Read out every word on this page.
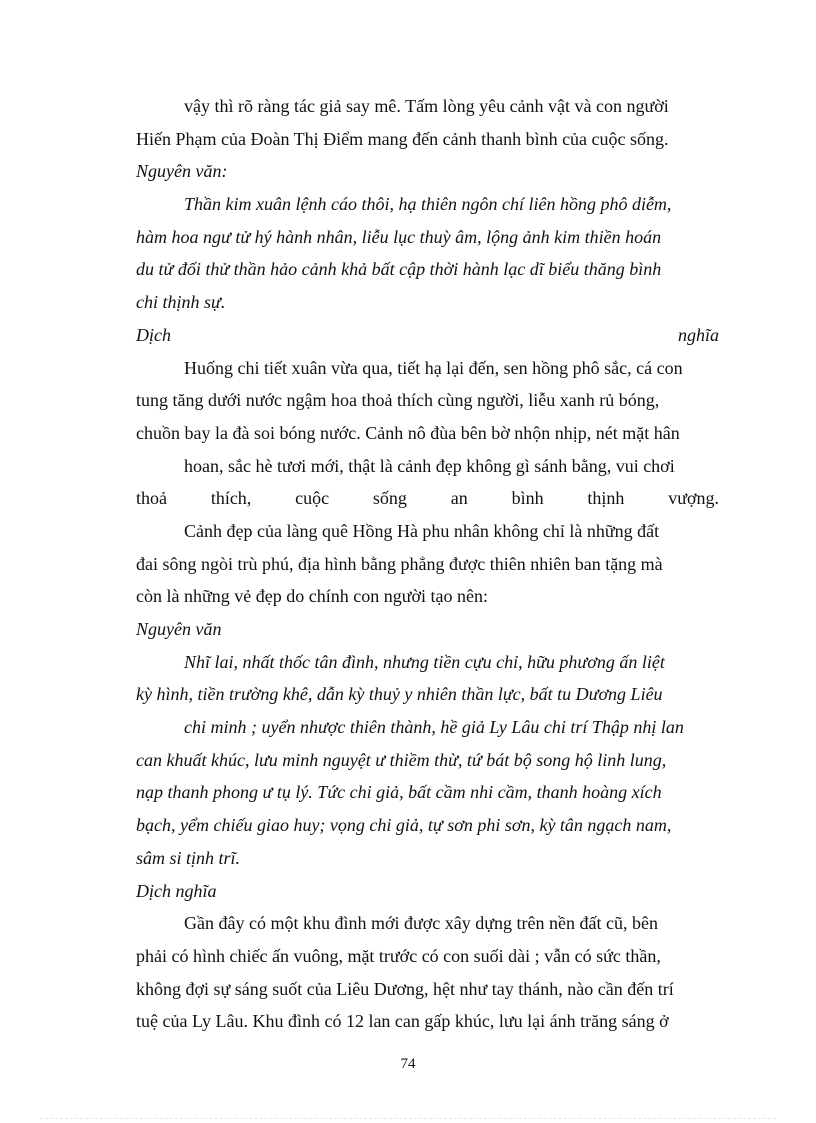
vậy thì rõ ràng tác giả say mê. Tấm lòng yêu cảnh vật và con người
Hiến Phạm của Đoàn Thị Điểm mang đến cảnh thanh bình của cuộc sống.
Nguyên văn:
Thần kim xuân lệnh cáo thôi, hạ thiên ngôn chí liên hồng phô diễm,
hàm hoa ngư tử hý hành nhân, liễu lục thuỳ âm, lộng ảnh kim thiền hoán
du tử đối thử thần hảo cảnh khả bất cập thời hành lạc dĩ biểu thăng bình
chi thịnh sự.
Dịch	nghĩa
Huống chi tiết xuân vừa qua, tiết hạ lại đến, sen hồng phô sắc, cá con
tung tăng dưới nước ngậm hoa thoả thích cùng người, liễu xanh rủ bóng,
chuồn bay la đà soi bóng nước. Cảnh nô đùa bên bờ nhộn nhịp, nét mặt hân
hoan, sắc hè tươi mới, thật là cảnh đẹp không gì sánh bằng, vui chơi
thoả thích, cuộc sống an bình thịnh vượng.
Cảnh đẹp của làng quê Hồng Hà phu nhân không chỉ là những đất
đai sông ngòi trù phú, địa hình bằng phẳng được thiên nhiên ban tặng mà
còn là những vẻ đẹp do chính con người tạo nên:
Nguyên văn
Nhĩ lai, nhất thốc tân đình, nhưng tiền cựu chỉ, hữu phương ấn liệt
kỳ hình, tiền trường khê, dẫn kỳ thuỷ y nhiên thần lực, bất tu Dương Liêu
chi minh ; uyển nhược thiên thành, hề giả Ly Lâu chi trí Thập nhị lan
can khuất khúc, lưu minh nguyệt ư thiềm thừ, tứ bát bộ song hộ linh lung,
nạp thanh phong ư tụ lý. Tức chi giả, bất cầm nhi cầm, thanh hoàng xích
bạch, yểm chiếu giao huy; vọng chi giả, tự sơn phi sơn, kỳ tân ngạch nam,
sâm si tịnh trĩ.
Dịch nghĩa
Gần đây có một khu đình mới được xây dựng trên nền đất cũ, bên
phải có hình chiếc ấn vuông, mặt trước có con suối dài ; vẫn có sức thần,
không đợi sự sáng suốt của Liêu Dương, hệt như tay thánh, nào cần đến trí
tuệ của Ly Lâu. Khu đình có 12 lan can gấp khúc, lưu lại ánh trăng sáng ở
74
